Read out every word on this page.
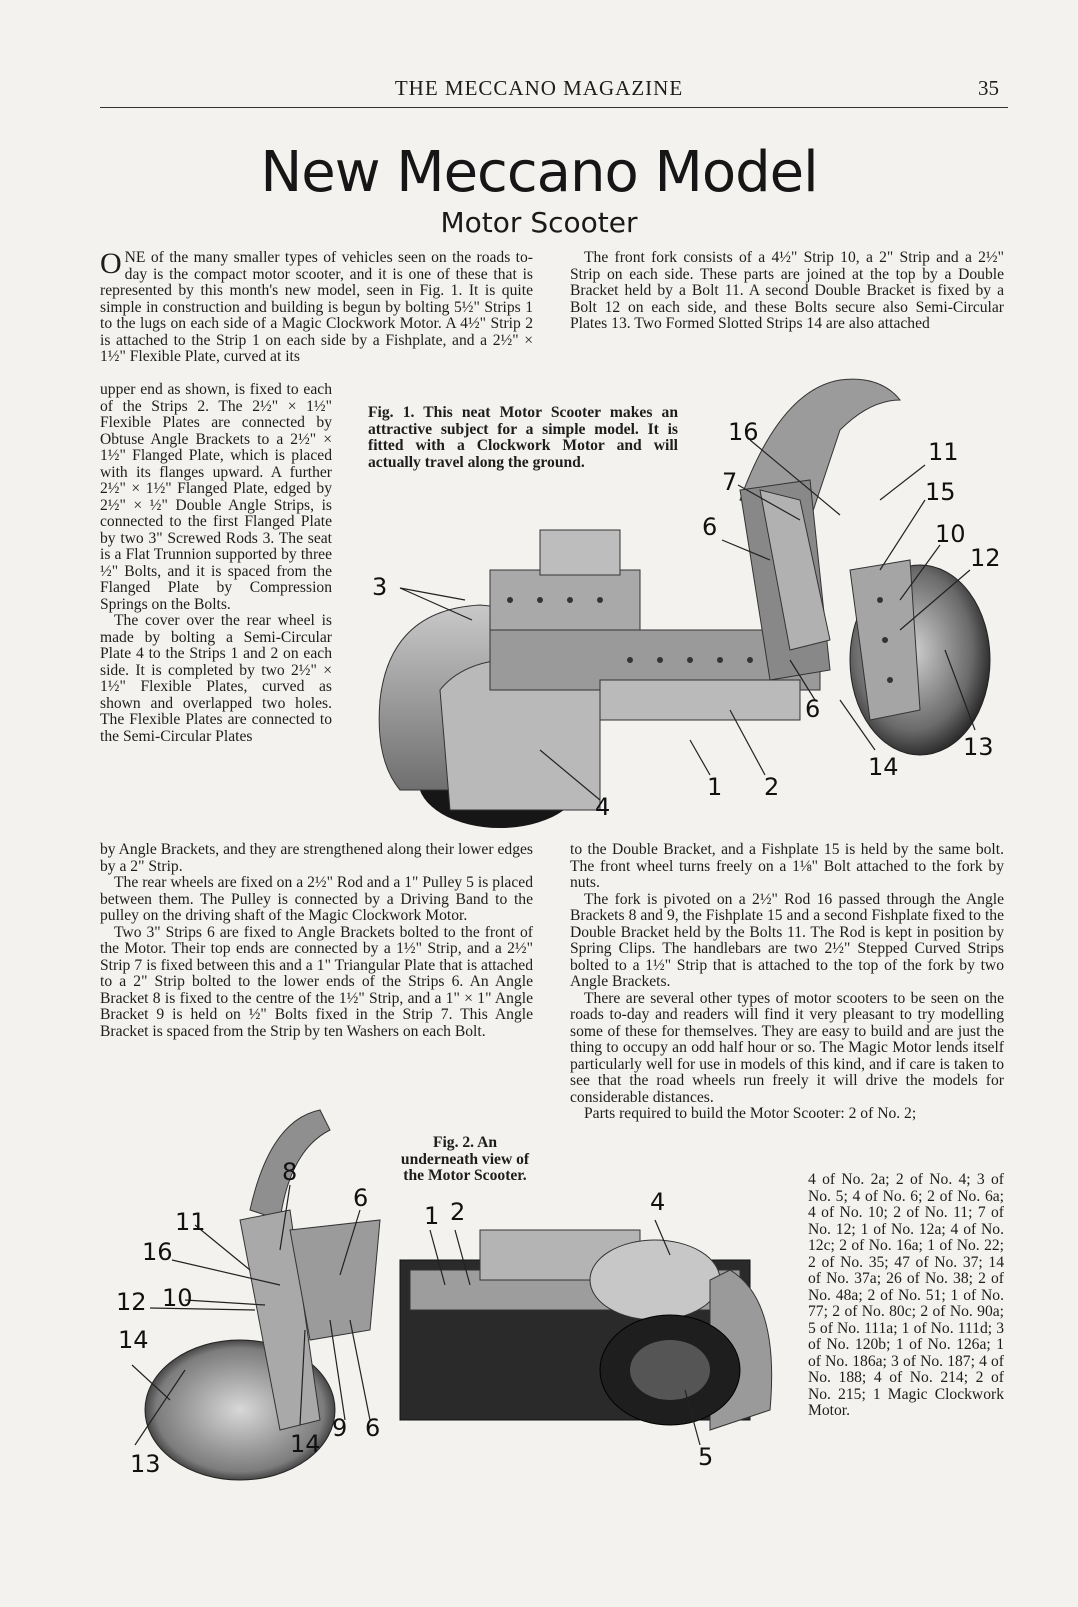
THE MECCANO MAGAZINE	35
New Meccano Model
Motor Scooter

ONE of the many smaller types of vehicles seen on the roads to-day is the compact motor scooter, and it is one of these that is represented by this month's new model, seen in Fig. 1. It is quite simple in construction and building is begun by bolting 5½" Strips 1 to the lugs on each side of a Magic Clockwork Motor. A 4½" Strip 2 is attached to the Strip 1 on each side by a Fishplate, and a 2½" × 1½" Flexible Plate, curved at its

upper end as shown, is fixed to each of the Strips 2. The 2½" × 1½" Flexible Plates are connected by Obtuse Angle Brackets to a 2½" × 1½" Flanged Plate, which is placed with its flanges upward. A further 2½" × 1½" Flanged Plate, edged by 2½" × ½" Double Angle Strips, is connected to the first Flanged Plate by two 3" Screwed Rods 3. The seat is a Flat Trunnion supported by three ½" Bolts, and it is spaced from the Flanged Plate by Compression Springs on the Bolts.

The cover over the rear wheel is made by bolting a Semi-Circular Plate 4 to the Strips 1 and 2 on each side. It is completed by two 2½" × 1½" Flexible Plates, curved as shown and overlapped two holes. The Flexible Plates are connected to the Semi-Circular Plates

by Angle Brackets, and they are strengthened along their lower edges by a 2" Strip.

The rear wheels are fixed on a 2½" Rod and a 1" Pulley 5 is placed between them. The Pulley is connected by a Driving Band to the pulley on the driving shaft of the Magic Clockwork Motor.

Two 3" Strips 6 are fixed to Angle Brackets bolted to the front of the Motor. Their top ends are connected by a 1½" Strip, and a 2½" Strip 7 is fixed between this and a 1" Triangular Plate that is attached to a 2" Strip bolted to the lower ends of the Strips 6. An Angle Bracket 8 is fixed to the centre of the 1½" Strip, and a 1" × 1" Angle Bracket 9 is held on ½" Bolts fixed in the Strip 7. This Angle Bracket is spaced from the Strip by ten Washers on each Bolt.

The front fork consists of a 4½" Strip 10, a 2" Strip and a 2½" Strip on each side. These parts are joined at the top by a Double Bracket held by a Bolt 11. A second Double Bracket is fixed by a Bolt 12 on each side, and these Bolts secure also Semi-Circular Plates 13. Two Formed Slotted Strips 14 are also attached

to the Double Bracket, and a Fishplate 15 is held by the same bolt. The front wheel turns freely on a 1⅛" Bolt attached to the fork by nuts.

The fork is pivoted on a 2½" Rod 16 passed through the Angle Brackets 8 and 9, the Fishplate 15 and a second Fishplate fixed to the Double Bracket held by the Bolts 11. The Rod is kept in position by Spring Clips. The handlebars are two 2½" Stepped Curved Strips bolted to a 1½" Strip that is attached to the top of the fork by two Angle Brackets.

There are several other types of motor scooters to be seen on the roads to-day and readers will find it very pleasant to try modelling some of these for themselves. They are easy to build and are just the thing to occupy an odd half hour or so. The Magic Motor lends itself particularly well for use in models of this kind, and if care is taken to see that the road wheels run freely it will drive the models for considerable distances.

Parts required to build the Motor Scooter: 2 of No. 2;

4 of No. 2a; 2 of No. 4; 3 of No. 5; 4 of No. 6; 2 of No. 6a; 4 of No. 10; 2 of No. 11; 7 of No. 12; 1 of No. 12a; 4 of No. 12c; 2 of No. 16a; 1 of No. 22; 2 of No. 35; 47 of No. 37; 14 of No. 37a; 26 of No. 38; 2 of No. 48a; 2 of No. 51; 1 of No. 77; 2 of No. 80c; 2 of No. 90a; 5 of No. 111a; 1 of No. 111d; 3 of No. 120b; 1 of No. 126a; 1 of No. 186a; 3 of No. 187; 4 of No. 188; 4 of No. 214; 2 of No. 215; 1 Magic Clockwork Motor.
Fig. 1. This neat Motor Scooter makes an attractive subject for a simple model. It is fitted with a Clockwork Motor and will actually travel along the ground.
3
16
7
6
11
15
10
12
6
13
14
1 2
4
Fig. 2. An underneath view of the Motor Scooter.
8
11
16
6
1 2	4
10
12
14
13
14
9 6
5
